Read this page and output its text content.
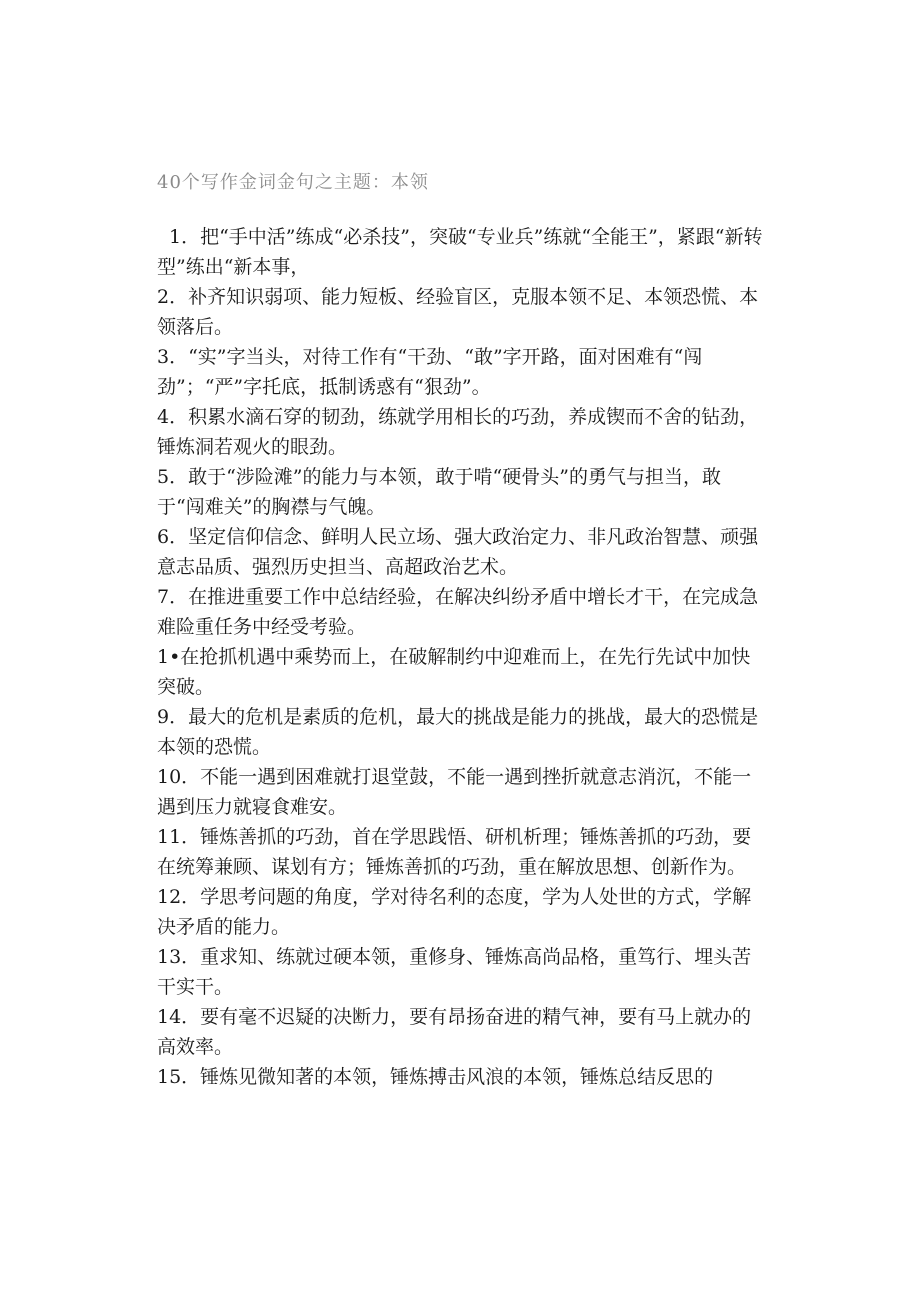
40个写作金词金句之主题：本领
1．把“手中活”练成“必杀技”，突破“专业兵”练就“全能王”，紧跟“新转型”练出“新本事，
2．补齐知识弱项、能力短板、经验盲区，克服本领不足、本领恐慌、本领落后。
3．“实”字当头，对待工作有“干劲、“敢”字开路，面对困难有“闯劲”；“严”字托底，抵制诱惑有“狠劲”。
4．积累水滴石穿的韧劲，练就学用相长的巧劲，养成锲而不舍的钻劲，锤炼洞若观火的眼劲。
5．敢于“涉险滩”的能力与本领，敢于啃“硬骨头”的勇气与担当，敢于“闯难关”的胸襟与气魄。
6．坚定信仰信念、鲜明人民立场、强大政治定力、非凡政治智慧、顽强意志品质、强烈历史担当、高超政治艺术。
7．在推进重要工作中总结经验，在解决纠纷矛盾中增长才干，在完成急难险重任务中经受考验。
1•在抢抓机遇中乘势而上，在破解制约中迎难而上，在先行先试中加快突破。
9．最大的危机是素质的危机，最大的挑战是能力的挑战，最大的恐慌是本领的恐慌。
10．不能一遇到困难就打退堂鼓，不能一遇到挫折就意志消沉，不能一遇到压力就寝食难安。
11．锤炼善抓的巧劲，首在学思践悟、研机析理；锤炼善抓的巧劲，要在统筹兼顾、谋划有方；锤炼善抓的巧劲，重在解放思想、创新作为。
12．学思考问题的角度，学对待名利的态度，学为人处世的方式，学解决矛盾的能力。
13．重求知、练就过硬本领，重修身、锤炼高尚品格，重笃行、埋头苦干实干。
14．要有毫不迟疑的决断力，要有昂扬奋进的精气神，要有马上就办的高效率。
15．锤炼见微知著的本领，锤炼搏击风浪的本领，锤炼总结反思的
